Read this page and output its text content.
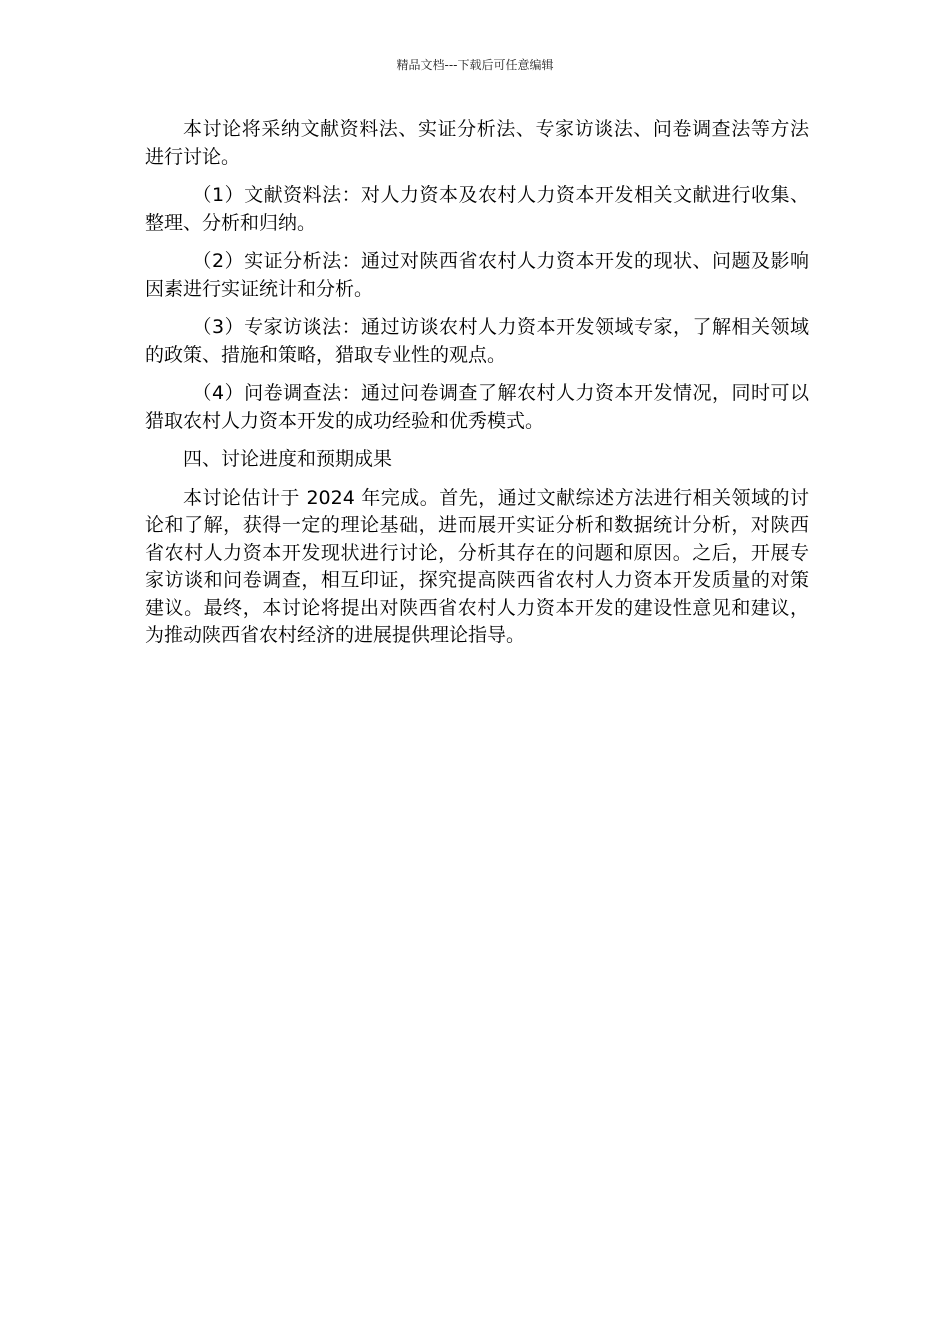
精品文档---下载后可任意编辑

本讨论将采纳文献资料法、实证分析法、专家访谈法、问卷调查法等方法进行讨论。

（1）文献资料法：对人力资本及农村人力资本开发相关文献进行收集、整理、分析和归纳。

（2）实证分析法：通过对陕西省农村人力资本开发的现状、问题及影响因素进行实证统计和分析。

（3）专家访谈法：通过访谈农村人力资本开发领域专家，了解相关领域的政策、措施和策略，猎取专业性的观点。

（4）问卷调查法：通过问卷调查了解农村人力资本开发情况，同时可以猎取农村人力资本开发的成功经验和优秀模式。

四、讨论进度和预期成果

本讨论估计于 2024 年完成。首先，通过文献综述方法进行相关领域的讨论和了解，获得一定的理论基础，进而展开实证分析和数据统计分析，对陕西省农村人力资本开发现状进行讨论，分析其存在的问题和原因。之后，开展专家访谈和问卷调查，相互印证，探究提高陕西省农村人力资本开发质量的对策建议。最终，本讨论将提出对陕西省农村人力资本开发的建设性意见和建议，为推动陕西省农村经济的进展提供理论指导。
